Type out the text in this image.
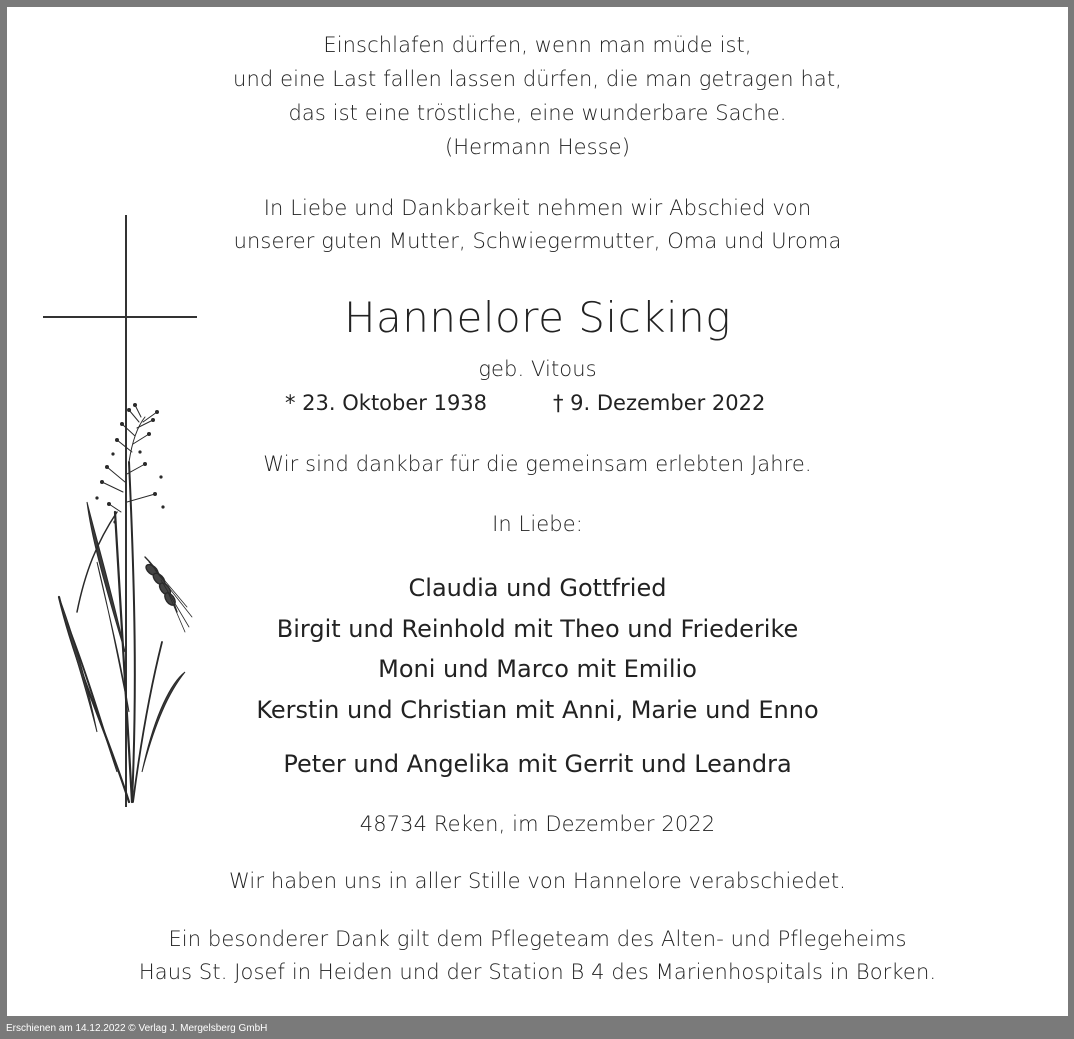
Einschlafen dürfen, wenn man müde ist,
und eine Last fallen lassen dürfen, die man getragen hat,
das ist eine tröstliche, eine wunderbare Sache.
(Hermann Hesse)
In Liebe und Dankbarkeit nehmen wir Abschied von
unserer guten Mutter, Schwiegermutter, Oma und Uroma
Hannelore Sicking
geb. Vitous
* 23. Oktober 1938	† 9. Dezember 2022
Wir sind dankbar für die gemeinsam erlebten Jahre.
In Liebe:
Claudia und Gottfried
Birgit und Reinhold mit Theo und Friederike
Moni und Marco mit Emilio
Kerstin und Christian mit Anni, Marie und Enno
Peter und Angelika mit Gerrit und Leandra
48734 Reken, im Dezember 2022
Wir haben uns in aller Stille von Hannelore verabschiedet.
Ein besonderer Dank gilt dem Pflegeteam des Alten- und Pflegeheims
Haus St. Josef in Heiden und der Station B 4 des Marienhospitals in Borken.
Erschienen am 14.12.2022 © Verlag J. Mergelsberg GmbH
